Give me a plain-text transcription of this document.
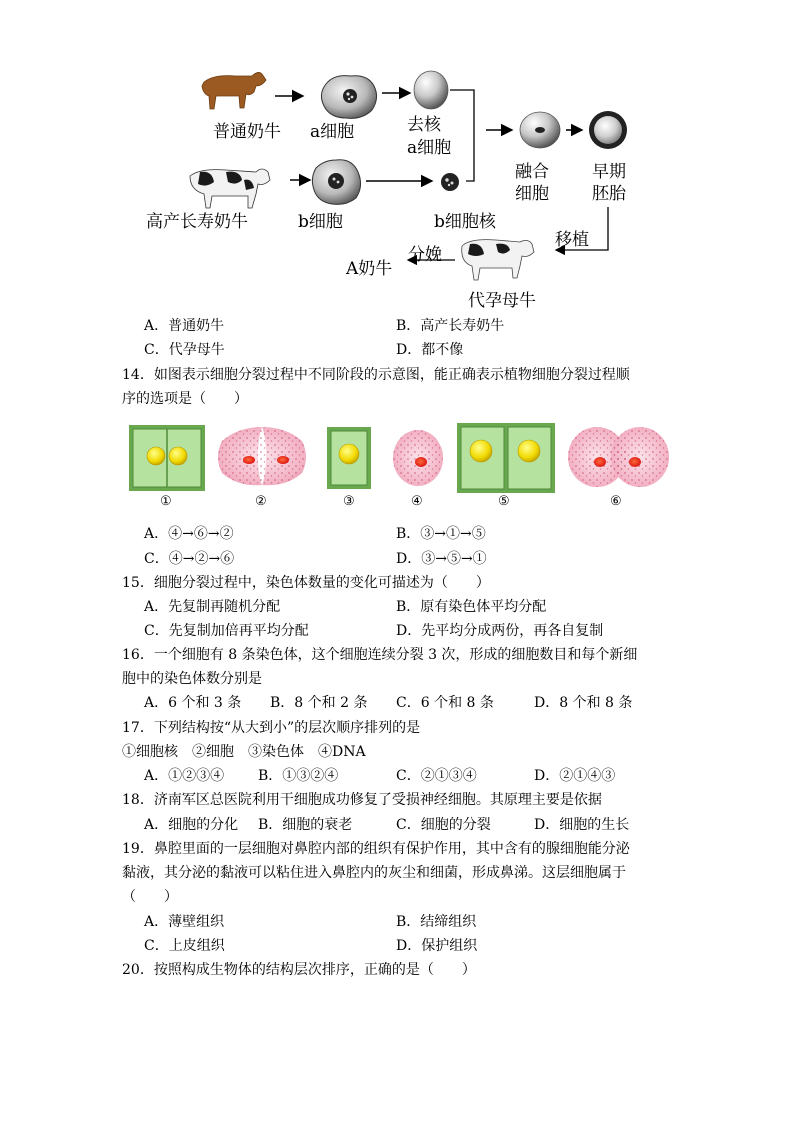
普通奶牛 a细胞	去核
a细胞
融合
细胞
早期
胚胎
高产长寿奶牛	b细胞	b细胞核
移植
分娩
A奶牛
代孕母牛
A．普通奶牛	B．高产长寿奶牛
C．代孕母牛	D．都不像
14．如图表示细胞分裂过程中不同阶段的示意图，能正确表示植物细胞分裂过程顺
序的选项是（　　）
①	②	③	④	⑤	⑥
A．④→⑥→②	B．③→①→⑤
C．④→②→⑥	D．③→⑤→①
15．细胞分裂过程中，染色体数量的变化可描述为（　　）
A．先复制再随机分配	B．原有染色体平均分配
C．先复制加倍再平均分配	D．先平均分成两份，再各自复制
16．一个细胞有 8 条染色体，这个细胞连续分裂 3 次，形成的细胞数目和每个新细
胞中的染色体数分别是
A．6 个和 3 条 B．8 个和 2 条 C．6 个和 8 条	D．8 个和 8 条
17．下列结构按“从大到小”的层次顺序排列的是
①细胞核　②细胞　③染色体　④DNA
A．①②③④ B．①③②④	C．②①③④	D．②①④③
18．济南军区总医院利用干细胞成功修复了受损神经细胞。其原理主要是依据
A．细胞的分化 B．细胞的衰老	C．细胞的分裂	D．细胞的生长
19．鼻腔里面的一层细胞对鼻腔内部的组织有保护作用，其中含有的腺细胞能分泌
黏液，其分泌的黏液可以粘住进入鼻腔内的灰尘和细菌，形成鼻涕。这层细胞属于
（　　）
A．薄壁组织	B．结缔组织
C．上皮组织	D．保护组织
20．按照构成生物体的结构层次排序，正确的是（　　）
